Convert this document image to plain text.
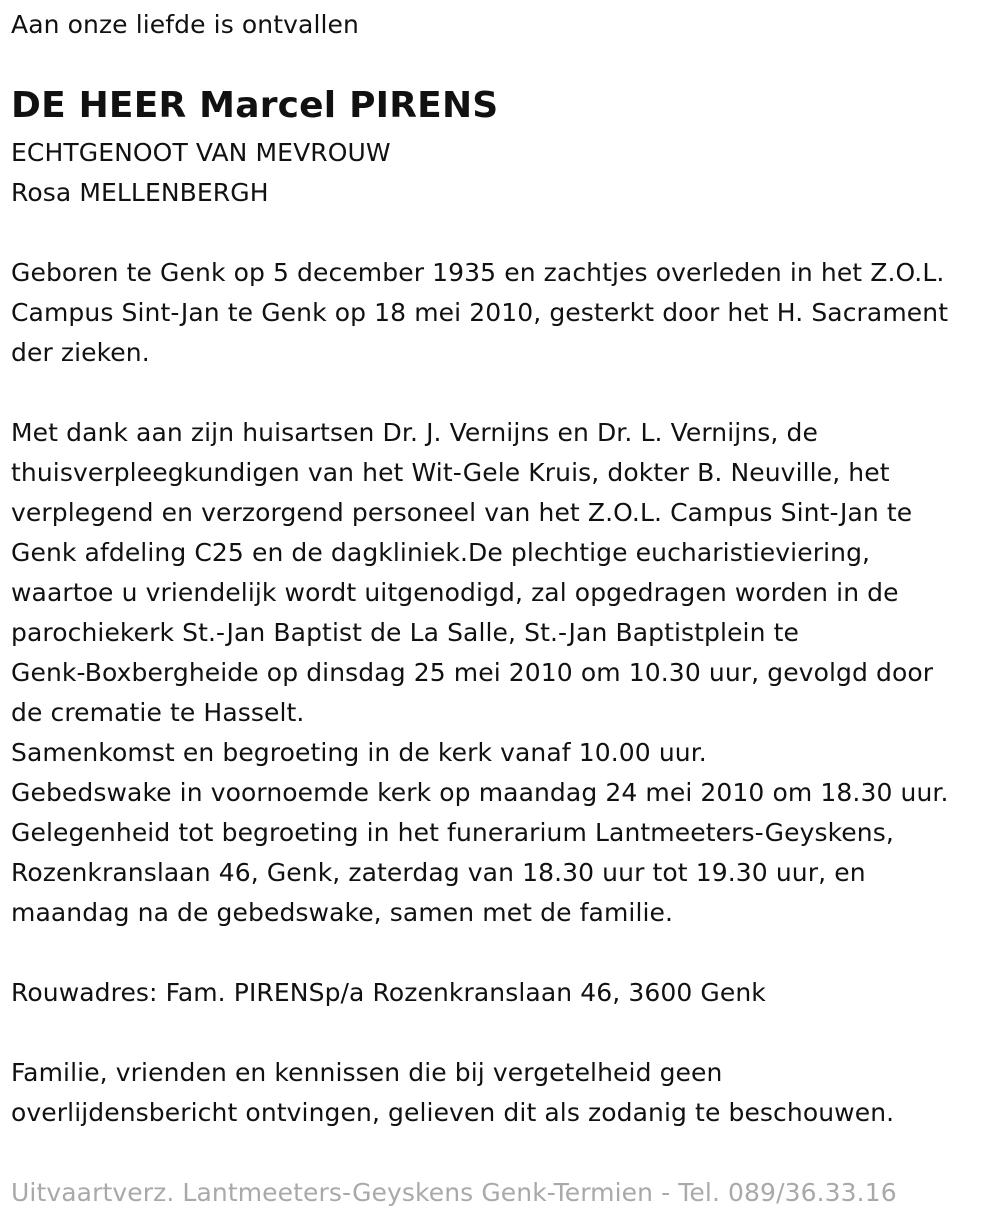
Aan onze liefde is ontvallen
DE HEER Marcel PIRENS
ECHTGENOOT VAN MEVROUW
Rosa MELLENBERGH
Geboren te Genk op 5 december 1935 en zachtjes overleden in het Z.O.L.
Campus Sint-Jan te Genk op 18 mei 2010, gesterkt door het H. Sacrament
der zieken.
Met dank aan zijn huisartsen Dr. J. Vernijns en Dr. L. Vernijns, de
thuisverpleegkundigen van het Wit-Gele Kruis, dokter B. Neuville, het
verplegend en verzorgend personeel van het Z.O.L. Campus Sint-Jan te
Genk afdeling C25 en de dagkliniek.De plechtige eucharistieviering,
waartoe u vriendelijk wordt uitgenodigd, zal opgedragen worden in de
parochiekerk St.-Jan Baptist de La Salle, St.-Jan Baptistplein te
Genk-Boxbergheide op dinsdag 25 mei 2010 om 10.30 uur, gevolgd door
de crematie te Hasselt.
Samenkomst en begroeting in de kerk vanaf 10.00 uur.
Gebedswake in voornoemde kerk op maandag 24 mei 2010 om 18.30 uur.
Gelegenheid tot begroeting in het funerarium Lantmeeters-Geyskens,
Rozenkranslaan 46, Genk, zaterdag van 18.30 uur tot 19.30 uur, en
maandag na de gebedswake, samen met de familie.
Rouwadres: Fam. PIRENSp/a Rozenkranslaan 46, 3600 Genk
Familie, vrienden en kennissen die bij vergetelheid geen
overlijdensbericht ontvingen, gelieven dit als zodanig te beschouwen.
Uitvaartverz. Lantmeeters-Geyskens Genk-Termien - Tel. 089/36.33.16
